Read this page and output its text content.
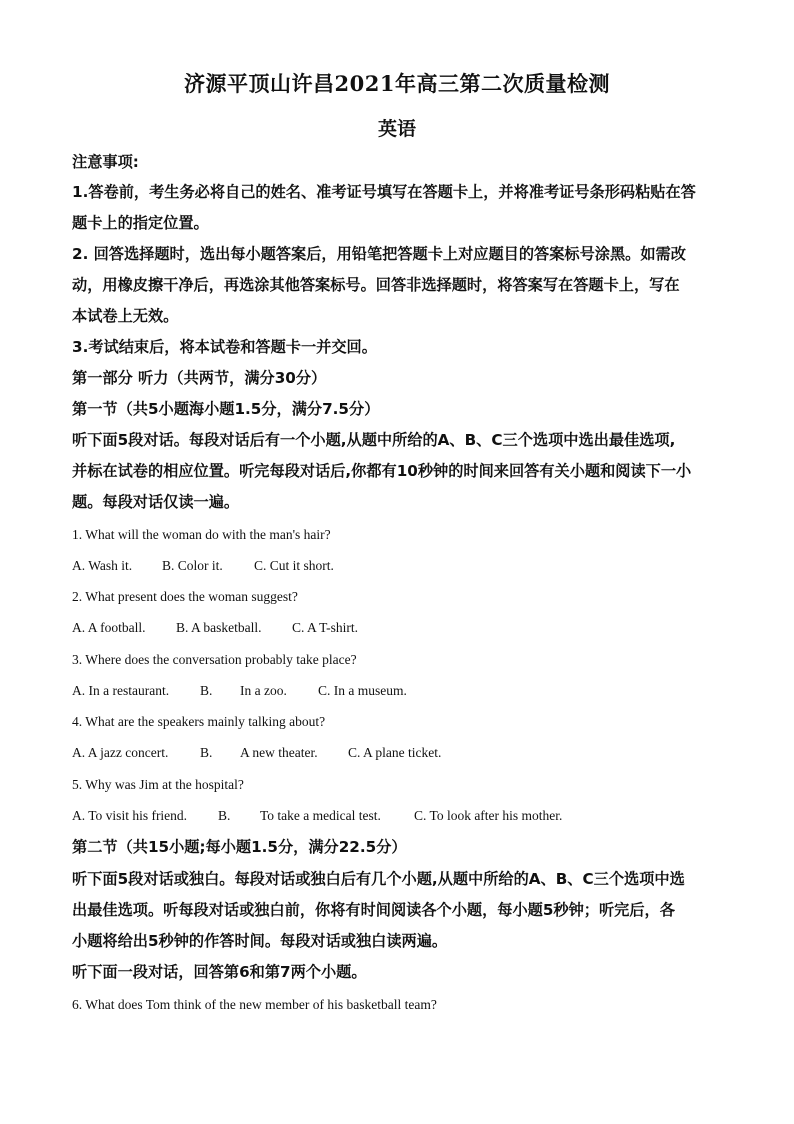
济源平顶山许昌2021年高三第二次质量检测
英语
注意事项:
1.答卷前，考生务必将自己的姓名、准考证号填写在答题卡上，并将准考证号条形码粘贴在答
题卡上的指定位置。
2. 回答选择题时，选出每小题答案后，用铅笔把答题卡上对应题目的答案标号涂黑。如需改
动，用橡皮擦干净后，再选涂其他答案标号。回答非选择题时，将答案写在答题卡上，写在
本试卷上无效。
3.考试结束后，将本试卷和答题卡一并交回。
第一部分 听力（共两节，满分30分）
第一节（共5小题海小题1.5分，满分7.5分）
听下面5段对话。每段对话后有一个小题,从题中所给的A、B、C三个选项中选出最佳选项,
并标在试卷的相应位置。听完每段对话后,你都有10秒钟的时间来回答有关小题和阅读下一小
题。每段对话仅读一遍。
1. What will the woman do with the man's hair?
A. Wash it. B. Color it. C. Cut it short.
2. What present does the woman suggest?
A. A football. B. A basketball. C. A T-shirt.
3. Where does the conversation probably take place?
A. In a restaurant. B. In a zoo. C. In a museum.
4. What are the speakers mainly talking about?
A. A jazz concert. B. A new theater. C. A plane ticket.
5. Why was Jim at the hospital?
A. To visit his friend. B. To take a medical test. C. To look after his mother.
第二节（共15小题;每小题1.5分，满分22.5分）
听下面5段对话或独白。每段对话或独白后有几个小题,从题中所给的A、B、C三个选项中选
出最佳选项。听每段对话或独白前，你将有时间阅读各个小题，每小题5秒钟；听完后，各
小题将给出5秒钟的作答时间。每段对话或独白读两遍。
听下面一段对话，回答第6和第7两个小题。
6. What does Tom think of the new member of his basketball team?
